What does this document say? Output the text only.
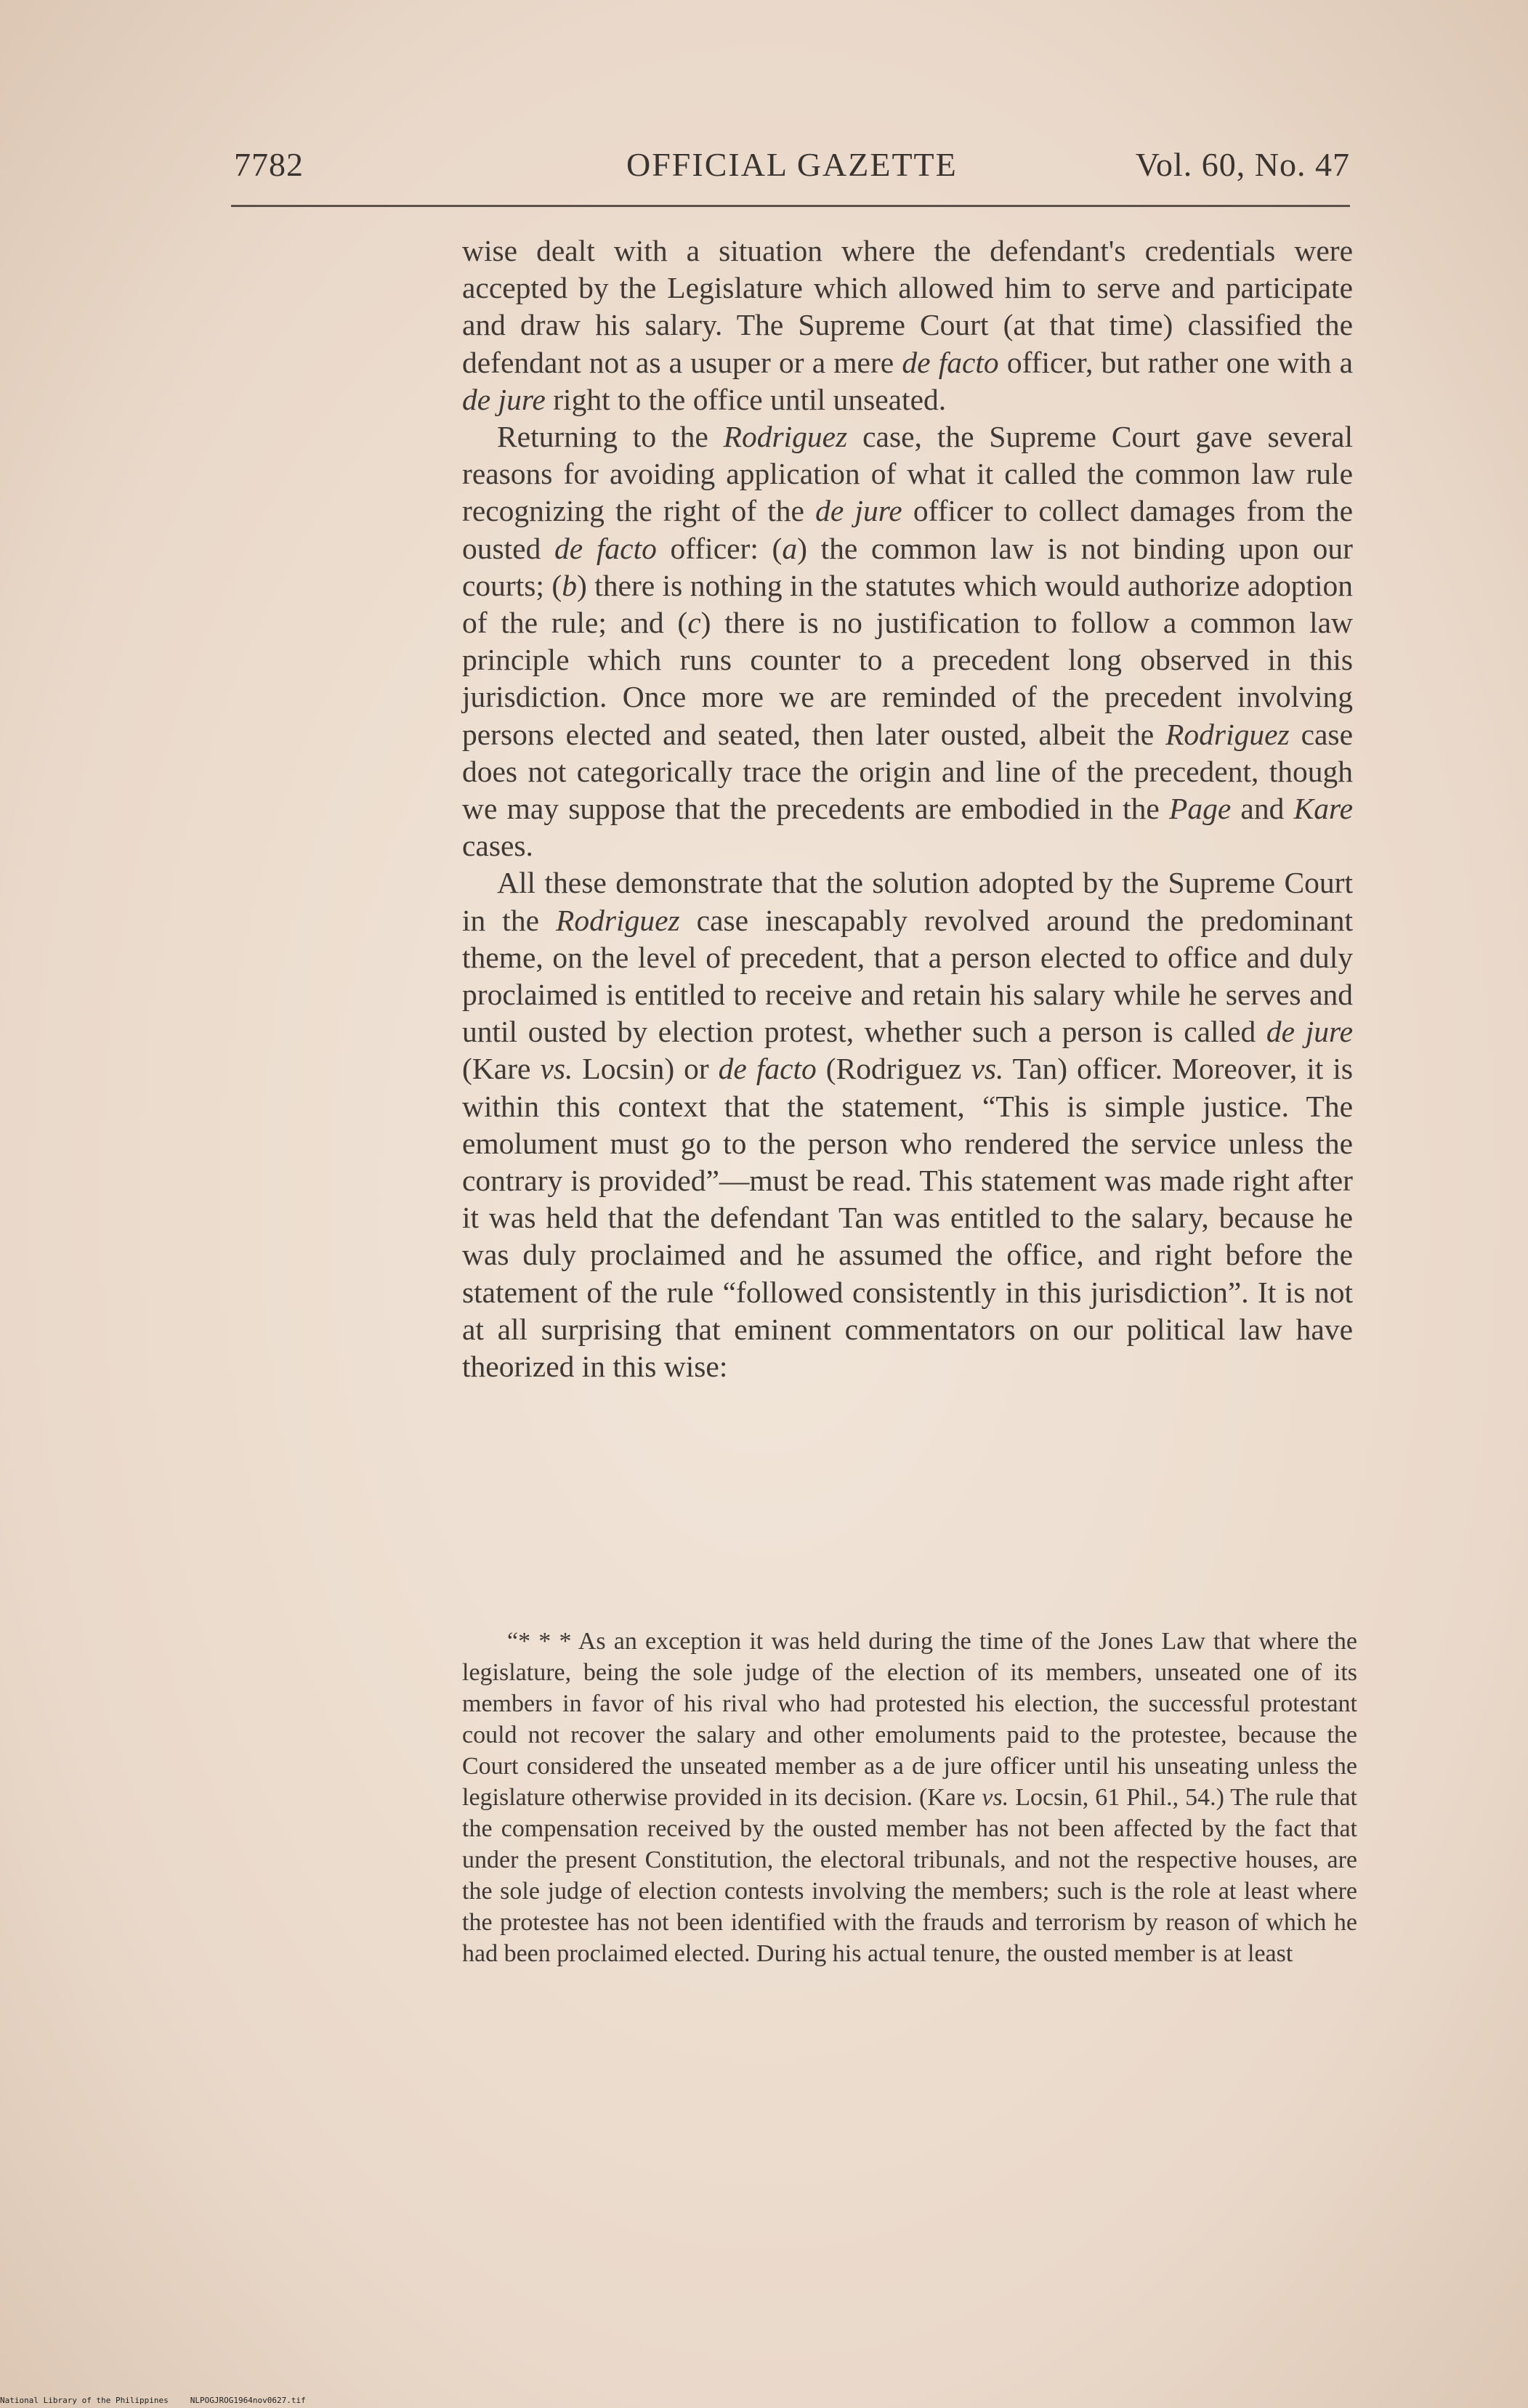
7782	OFFICIAL GAZETTE	Vol. 60, No. 47

wise dealt with a situation where the defendant's credentials were accepted by the Legislature which allowed him to serve and participate and draw his salary. The Supreme Court (at that time) classified the defendant not as a usuper or a mere de facto officer, but rather one with a de jure right to the office until unseated.

Returning to the Rodriguez case, the Supreme Court gave several reasons for avoiding application of what it called the common law rule recognizing the right of the de jure officer to collect damages from the ousted de facto officer: (a) the common law is not binding upon our courts; (b) there is nothing in the statutes which would authorize adoption of the rule; and (c) there is no justification to follow a common law principle which runs counter to a precedent long observed in this jurisdiction. Once more we are reminded of the precedent involving persons elected and seated, then later ousted, albeit the Rodriguez case does not categorically trace the origin and line of the precedent, though we may suppose that the precedents are embodied in the Page and Kare cases.

All these demonstrate that the solution adopted by the Supreme Court in the Rodriguez case inescapably revolved around the predominant theme, on the level of precedent, that a person elected to office and duly proclaimed is entitled to receive and retain his salary while he serves and until ousted by election protest, whether such a person is called de jure (Kare vs. Locsin) or de facto (Rodriguez vs. Tan) officer. Moreover, it is within this context that the statement, “This is simple justice. The emolument must go to the person who rendered the service unless the contrary is provided”—must be read. This statement was made right after it was held that the defendant Tan was entitled to the salary, because he was duly proclaimed and he assumed the office, and right before the statement of the rule “followed consistently in this jurisdiction”. It is not at all surprising that eminent commentators on our political law have theorized in this wise:

“* * * As an exception it was held during the time of the Jones Law that where the legislature, being the sole judge of the election of its members, unseated one of its members in favor of his rival who had protested his election, the successful protestant could not recover the salary and other emoluments paid to the protestee, because the Court considered the unseated member as a de jure officer until his unseating unless the legislature otherwise provided in its decision. (Kare vs. Locsin, 61 Phil., 54.) The rule that the compensation received by the ousted member has not been affected by the fact that under the present Constitution, the electoral tribunals, and not the respective houses, are the sole judge of election contests involving the members; such is the role at least where the protestee has not been identified with the frauds and terrorism by reason of which he had been proclaimed elected. During his actual tenure, the ousted member is at least

National Library of the Philippines	NLPOGJROG1964nov0627.tif
